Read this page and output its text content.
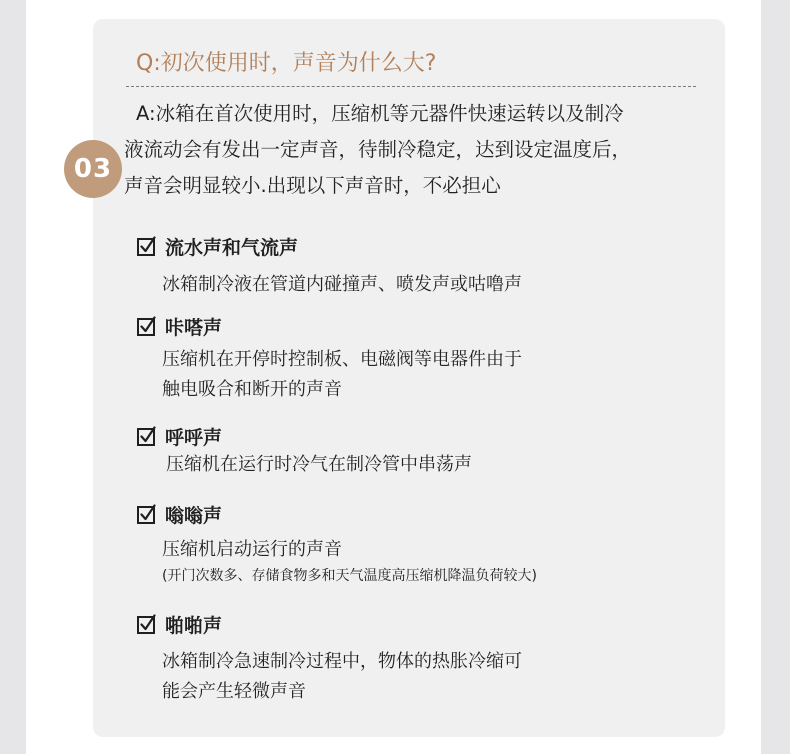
Q:初次使用时，声音为什么大?
03
A:冰箱在首次使用时，压缩机等元器件快速运转以及制冷
液流动会有发出一定声音，待制冷稳定，达到设定温度后，
声音会明显较小.出现以下声音时，不必担心
流水声和气流声
冰箱制冷液在管道内碰撞声、喷发声或咕噜声
咔嗒声
压缩机在开停时控制板、电磁阀等电器件由于
触电吸合和断开的声音
呼呼声
压缩机在运行时冷气在制冷管中串荡声
嗡嗡声
压缩机启动运行的声音
(开门次数多、存储食物多和天气温度高压缩机降温负荷较大)
啪啪声
冰箱制冷急速制冷过程中，物体的热胀冷缩可
能会产生轻微声音
